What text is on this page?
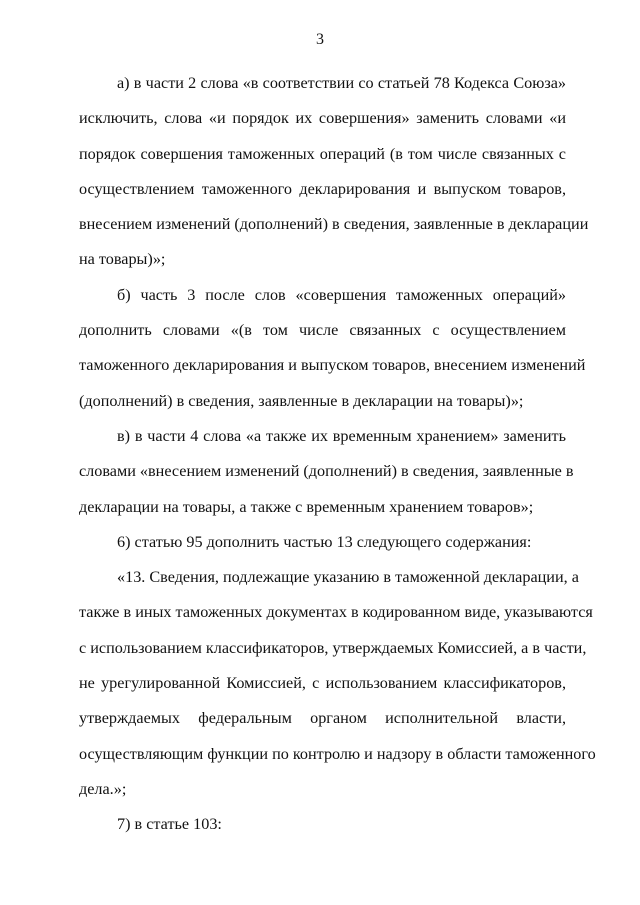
3

а) в части 2 слова «в соответствии со статьей 78 Кодекса Союза»
исключить, слова «и порядок их совершения» заменить словами «и
порядок совершения таможенных операций (в том числе связанных с
осуществлением таможенного декларирования и выпуском товаров,
внесением изменений (дополнений) в сведения, заявленные в декларации
на товары)»;

б) часть 3 после слов «совершения таможенных операций»
дополнить словами «(в том числе связанных с осуществлением
таможенного декларирования и выпуском товаров, внесением изменений
(дополнений) в сведения, заявленные в декларации на товары)»;

в) в части 4 слова «а также их временным хранением» заменить
словами «внесением изменений (дополнений) в сведения, заявленные в
декларации на товары, а также с временным хранением товаров»;

6) статью 95 дополнить частью 13 следующего содержания:

«13. Сведения, подлежащие указанию в таможенной декларации, а
также в иных таможенных документах в кодированном виде, указываются
с использованием классификаторов, утверждаемых Комиссией, а в части,
не урегулированной Комиссией, с использованием классификаторов,
утверждаемых федеральным органом исполнительной власти,
осуществляющим функции по контролю и надзору в области таможенного
дела.»;

7) в статье 103:
